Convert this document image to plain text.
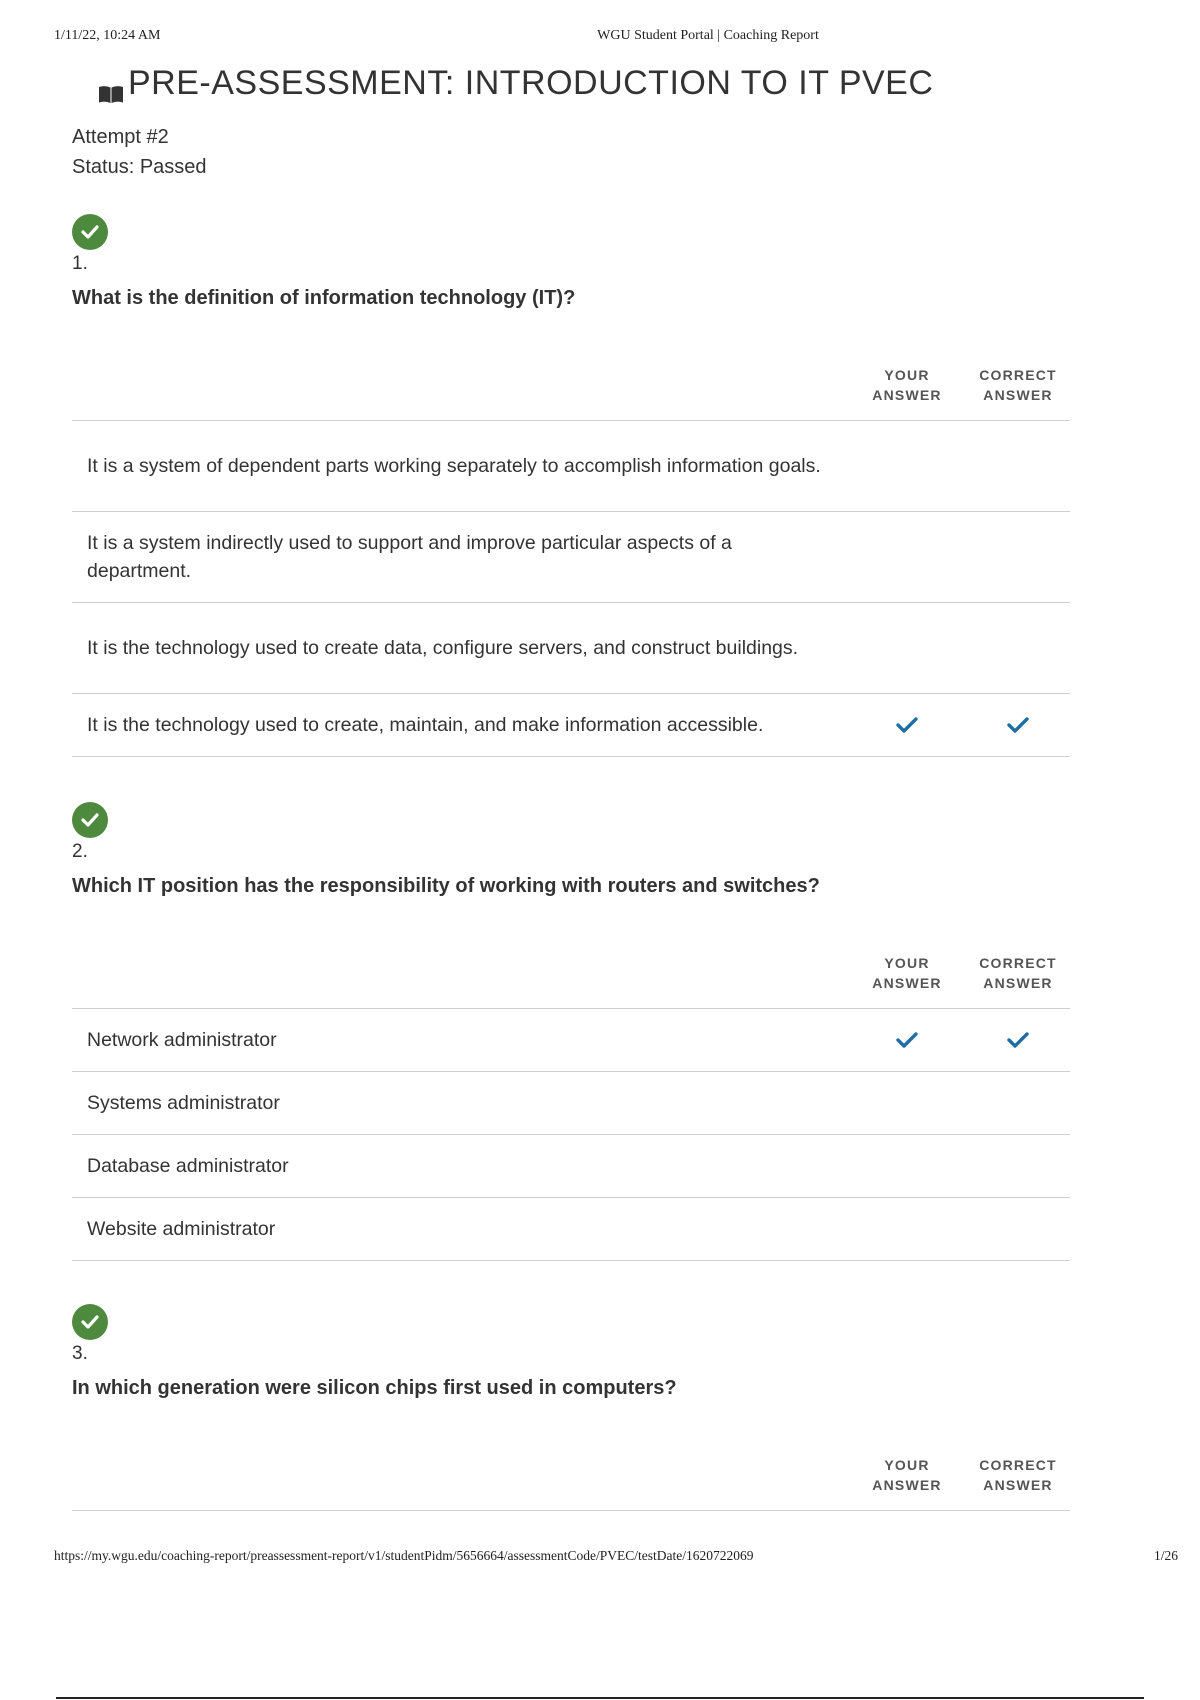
1/11/22, 10:24 AM	WGU Student Portal | Coaching Report
PRE-ASSESSMENT: INTRODUCTION TO IT PVEC
Attempt #2
Status: Passed
1.
What is the definition of information technology (IT)?
YOUR
ANSWER
CORRECT
ANSWER
It is a system of dependent parts working separately to accomplish information goals.
It is a system indirectly used to support and improve particular aspects of a department.
It is the technology used to create data, configure servers, and construct buildings.
It is the technology used to create, maintain, and make information accessible.
2.
Which IT position has the responsibility of working with routers and switches?
YOUR
ANSWER
CORRECT
ANSWER
Network administrator
Systems administrator
Database administrator
Website administrator
3.
In which generation were silicon chips first used in computers?
YOUR
ANSWER
CORRECT
ANSWER
https://my.wgu.edu/coaching-report/preassessment-report/v1/studentPidm/5656664/assessmentCode/PVEC/testDate/1620722069	1/26
